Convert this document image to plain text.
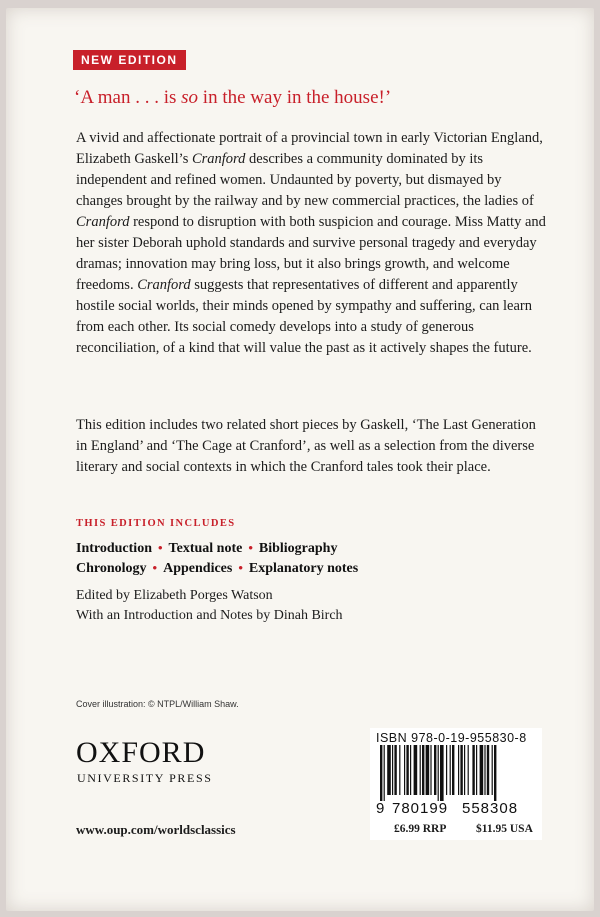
NEW EDITION
‘A man . . . is so in the way in the house!’
A vivid and affectionate portrait of a provincial town in early Victorian England, Elizabeth Gaskell’s Cranford describes a community dominated by its independent and refined women. Undaunted by poverty, but dismayed by changes brought by the railway and by new commercial practices, the ladies of Cranford respond to disruption with both suspicion and courage. Miss Matty and her sister Deborah uphold standards and survive personal tragedy and everyday dramas; innovation may bring loss, but it also brings growth, and welcome freedoms. Cranford suggests that representatives of different and apparently hostile social worlds, their minds opened by sympathy and suffering, can learn from each other. Its social comedy develops into a study of generous reconciliation, of a kind that will value the past as it actively shapes the future.
This edition includes two related short pieces by Gaskell, ‘The Last Generation in England’ and ‘The Cage at Cranford’, as well as a selection from the diverse literary and social contexts in which the Cranford tales took their place.
THIS EDITION INCLUDES
Introduction • Textual note • Bibliography
Chronology • Appendices • Explanatory notes
Edited by Elizabeth Porges Watson
With an Introduction and Notes by Dinah Birch
Cover illustration: © NTPL/William Shaw.
OXFORD
UNIVERSITY PRESS
www.oup.com/worldsclassics
ISBN 978-0-19-955830-8
9 780199 558308
£6.99 RRP	$11.95 USA
